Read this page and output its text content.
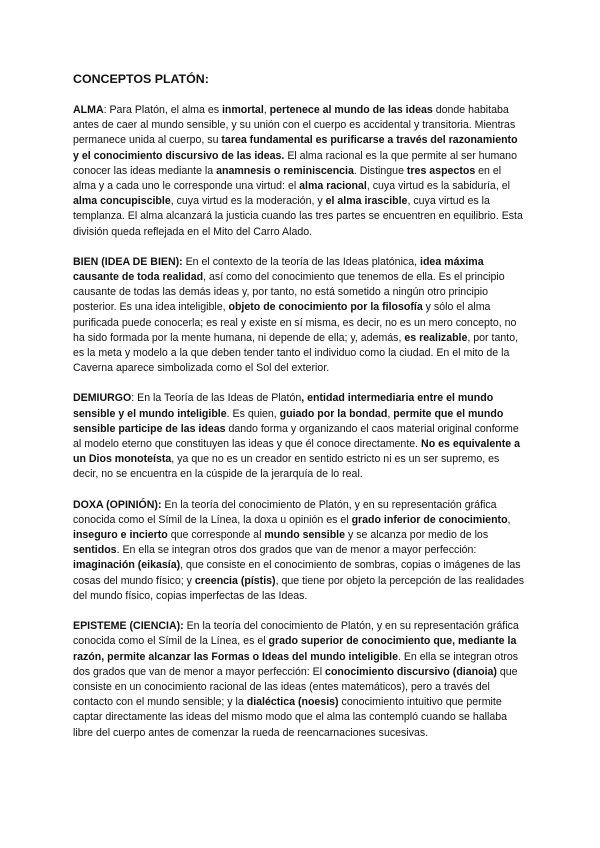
CONCEPTOS PLATÓN:

ALMA: Para Platón, el alma es inmortal, pertenece al mundo de las ideas donde habitaba antes de caer al mundo sensible, y su unión con el cuerpo es accidental y transitoria. Mientras permanece unida al cuerpo, su tarea fundamental es purificarse a través del razonamiento y el conocimiento discursivo de las ideas. El alma racional es la que permite al ser humano conocer las ideas mediante la anamnesis o reminiscencia. Distingue tres aspectos en el alma y a cada uno le corresponde una virtud: el alma racional, cuya virtud es la sabiduría, el alma concupiscible, cuya virtud es la moderación, y el alma irascible, cuya virtud es la templanza. El alma alcanzará la justicia cuando las tres partes se encuentren en equilibrio. Esta división queda reflejada en el Mito del Carro Alado.

BIEN (IDEA DE BIEN): En el contexto de la teoría de las Ideas platónica, idea máxima causante de toda realidad, así como del conocimiento que tenemos de ella. Es el principio causante de todas las demás ideas y, por tanto, no está sometido a ningún otro principio posterior. Es una idea inteligible, objeto de conocimiento por la filosofía y sólo el alma purificada puede conocerla; es real y existe en sí misma, es decir, no es un mero concepto, no ha sido formada por la mente humana, ni depende de ella; y, además, es realizable, por tanto, es la meta y modelo a la que deben tender tanto el individuo como la ciudad. En el mito de la Caverna aparece simbolizada como el Sol del exterior.

DEMIURGO: En la Teoría de las Ideas de Platón, entidad intermediaria entre el mundo sensible y el mundo inteligible. Es quien, guiado por la bondad, permite que el mundo sensible participe de las ideas dando forma y organizando el caos material original conforme al modelo eterno que constituyen las ideas y que él conoce directamente. No es equivalente a un Dios monoteísta, ya que no es un creador en sentido estricto ni es un ser supremo, es decir, no se encuentra en la cúspide de la jerarquía de lo real.

DOXA (OPINIÓN): En la teoría del conocimiento de Platón, y en su representación gráfica conocida como el Símil de la Línea, la doxa u opinión es el grado inferior de conocimiento, inseguro e incierto que corresponde al mundo sensible y se alcanza por medio de los sentidos. En ella se integran otros dos grados que van de menor a mayor perfección: imaginación (eikasía), que consiste en el conocimiento de sombras, copias o imágenes de las cosas del mundo físico; y creencia (pístis), que tiene por objeto la percepción de las realidades del mundo físico, copias imperfectas de las Ideas.

EPISTEME (CIENCIA): En la teoría del conocimiento de Platón, y en su representación gráfica conocida como el Símil de la Línea, es el grado superior de conocimiento que, mediante la razón, permite alcanzar las Formas o Ideas del mundo inteligible. En ella se integran otros dos grados que van de menor a mayor perfección: El conocimiento discursivo (dianoia) que consiste en un conocimiento racional de las ideas (entes matemáticos), pero a través del contacto con el mundo sensible; y la dialéctica (noesis) conocimiento intuitivo que permite captar directamente las ideas del mismo modo que el alma las contempló cuando se hallaba libre del cuerpo antes de comenzar la rueda de reencarnaciones sucesivas.
